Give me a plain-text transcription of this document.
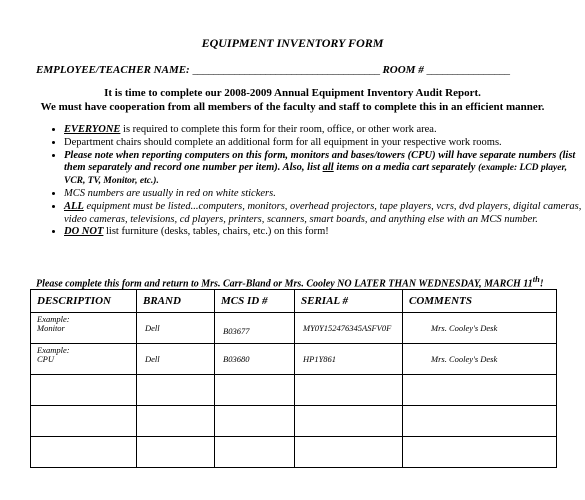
EQUIPMENT INVENTORY FORM
EMPLOYEE/TEACHER NAME: ____________________________________ ROOM # ________________
It is time to complete our 2008-2009 Annual Equipment Inventory Audit Report.
We must have cooperation from all members of the faculty and staff to complete this in an efficient manner.
• EVERYONE is required to complete this form for their room, office, or other work area.
• Department chairs should complete an additional form for all equipment in your respective work rooms.
• Please note when reporting computers on this form, monitors and bases/towers (CPU) will have separate numbers (list them separately and record one number per item). Also, list all items on a media cart separately (example: LCD player, VCR, TV, Monitor, etc.).
• MCS numbers are usually in red on white stickers.
• ALL equipment must be listed...computers, monitors, overhead projectors, tape players, vcrs, dvd players, digital cameras, video cameras, televisions, cd players, printers, scanners, smart boards, and anything else with an MCS number.
• DO NOT list furniture (desks, tables, chairs, etc.) on this form!
Please complete this form and return to Mrs. Carr-Bland or Mrs. Cooley NO LATER THAN WEDNESDAY, MARCH 11th!
DESCRIPTION	BRAND	MCS ID #	SERIAL #	COMMENTS

Example:
Monitor	Dell	B03677	MY0Y152476345ASFV0F	Mrs. Cooley's Desk

Example:
CPU	Dell	B03680	HP1Y861	Mrs. Cooley's Desk
